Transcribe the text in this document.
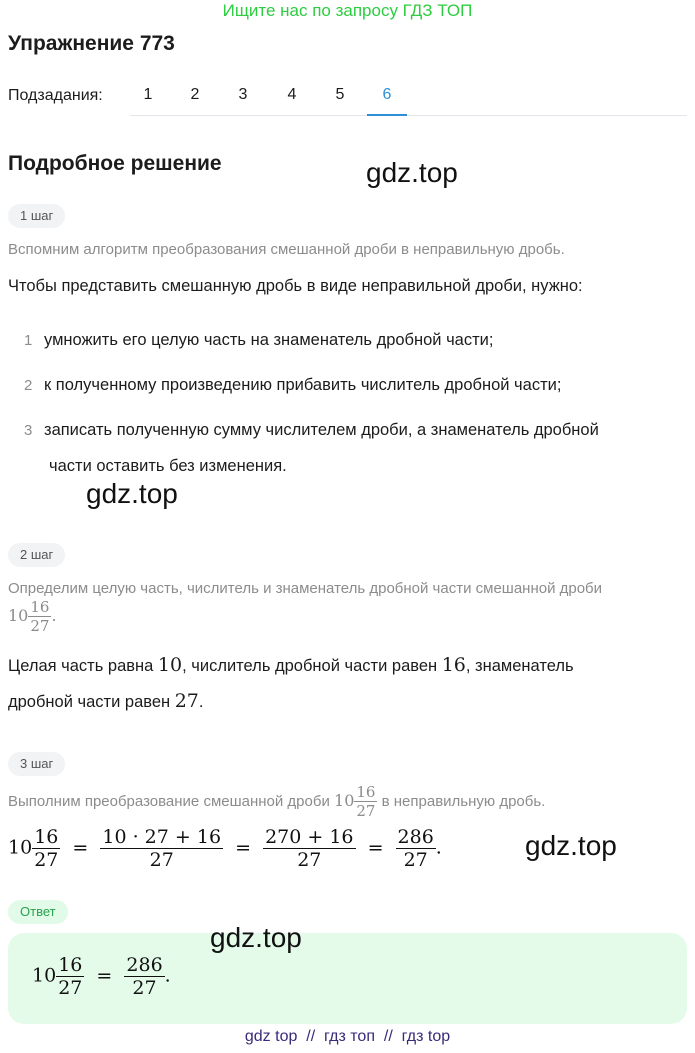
Ищите нас по запросу ГДЗ ТОП
Упражнение 773
Подзадания:	1	2	3	4	5	6
Подробное решение	gdz.top
1 шаг
Вспомним алгоритм преобразования смешанной дроби в неправильную дробь.
Чтобы представить смешанную дробь в виде неправильной дроби, нужно:
1 умножить его целую часть на знаменатель дробной части;
2 к полученному произведению прибавить числитель дробной части;
3 записать полученную сумму числителем дроби, а знаменатель дробной
части оставить без изменения.
gdz.top
2 шаг
Определим целую часть, числитель и знаменатель дробной части смешанной дроби
$10 \frac{16}{27}$ .
Целая часть равна 10, числитель дробной части равен 16, знаменатель
дробной части равен 27.
3 шаг
Выполним преобразование смешанной дроби $10 \frac{16}{27}$ в неправильную дробь.
$10 \frac{16}{27} = \frac{10 \cdot 27 + 16}{27} = \frac{270 + 16}{27} = \frac{286}{27}$ .	gdz.top
Ответ
$10 \frac{16}{27} = \frac{286}{27}$ .
gdz.top
gdz top  //  гдз топ  //  гдз top
